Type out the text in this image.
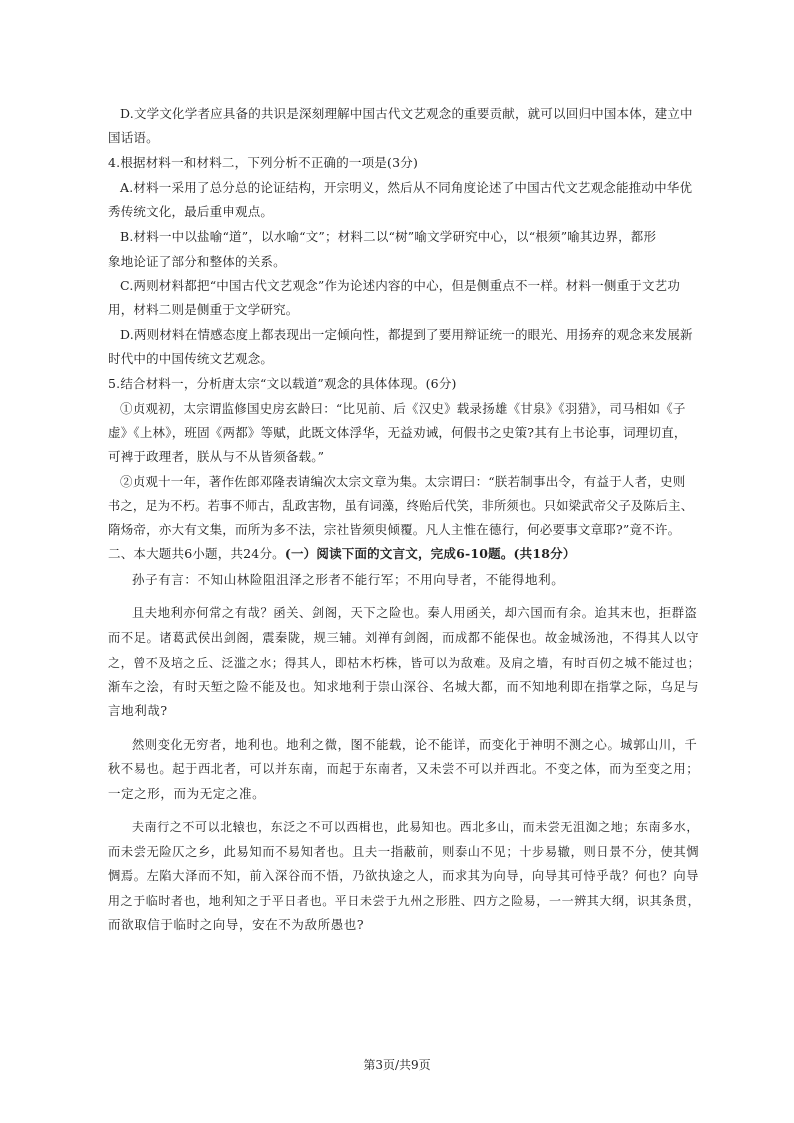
D.文学文化学者应具备的共识是深刻理解中国古代文艺观念的重要贡献，就可以回归中国本体，建立中
国话语。
4.根据材料一和材料二，下列分析不正确的一项是(3分)
A.材料一采用了总分总的论证结构，开宗明义，然后从不同角度论述了中国古代文艺观念能推动中华优
秀传统文化，最后重申观点。
B.材料一中以盐喻“道”，以水喻“文”；材料二以“树”喻文学研究中心，以“根须”喻其边界，都形
象地论证了部分和整体的关系。
C.两则材料都把“中国古代文艺观念”作为论述内容的中心，但是侧重点不一样。材料一侧重于文艺功
用，材料二则是侧重于文学研究。
D.两则材料在情感态度上都表现出一定倾向性，都提到了要用辩证统一的眼光、用扬弃的观念来发展新
时代中的中国传统文艺观念。
5.结合材料一，分析唐太宗“文以载道”观念的具体体现。(6分)
①贞观初，太宗谓监修国史房玄龄曰：“比见前、后《汉史》载录扬雄《甘泉》《羽猎》，司马相如《子
虚》《上林》，班固《两都》等赋，此既文体浮华，无益劝诫，何假书之史策?其有上书论事，词理切直，
可裨于政理者，朕从与不从皆须备载。”
②贞观十一年，著作佐郎邓隆表请编次太宗文章为集。太宗谓曰：“朕若制事出令，有益于人者，史则
书之，足为不朽。若事不师古，乱政害物，虽有词藻，终贻后代笑，非所须也。只如梁武帝父子及陈后主、
隋炀帝，亦大有文集，而所为多不法，宗社皆须臾倾覆。凡人主惟在德行，何必要事文章耶?”竟不许。
二、本大题共6小题，共24分。(一）阅读下面的文言文，完成6-10题。(共18分）
孙子有言：不知山林险阻沮泽之形者不能行军；不用向导者，不能得地利。
且夫地利亦何常之有哉？函关、剑阁，天下之险也。秦人用函关，却六国而有余。迨其末也，拒群盗
而不足。诸葛武侯出剑阁，震秦陇，规三辅。刘禅有剑阁，而成都不能保也。故金城汤池，不得其人以守
之，曾不及培之丘、泛滥之水；得其人，即枯木朽株，皆可以为敌难。及肩之墙，有时百仞之城不能过也；
渐车之浍，有时天堑之险不能及也。知求地利于崇山深谷、名城大都，而不知地利即在指掌之际，乌足与
言地利哉?
然则变化无穷者，地利也。地利之微，图不能载，论不能详，而变化于神明不测之心。城郭山川，千
秋不易也。起于西北者，可以并东南，而起于东南者，又未尝不可以并西北。不变之体，而为至变之用；
一定之形，而为无定之准。
夫南行之不可以北辕也，东泛之不可以西楫也，此易知也。西北多山，而未尝无沮洳之地；东南多水，
而未尝无险仄之乡，此易知而不易知者也。且夫一指蔽前，则泰山不见；十步易辙，则日景不分，使其惆
惆焉。左陷大泽而不知，前入深谷而不悟，乃欲执途之人，而求其为向导，向导其可恃乎哉？何也？向导
用之于临时者也，地利知之于平日者也。平日未尝于九州之形胜、四方之险易，一一辨其大纲，识其条贯，
而欲取信于临时之向导，安在不为敌所愚也?
第3页/共9页
